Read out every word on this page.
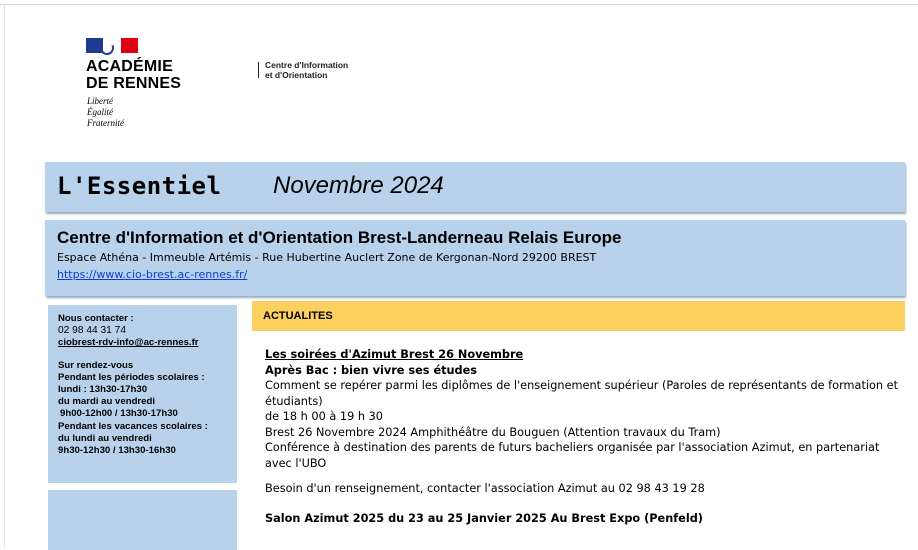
ACADÉMIE
DE RENNES
Liberté
Égalité
Fraternité
Centre d'Information
et d'Orientation
L'Essentiel Novembre 2024
Centre d'Information et d'Orientation Brest-Landerneau Relais Europe
Espace Athéna - Immeuble Artémis - Rue Hubertine Auclert Zone de Kergonan-Nord 29200 BREST
https://www.cio-brest.ac-rennes.fr/
Nous contacter :
02 98 44 31 74
ciobrest-rdv-info@ac-rennes.fr
Sur rendez-vous
Pendant les périodes scolaires :
lundi : 13h30-17h30
du mardi au vendredi
9h00-12h00 / 13h30-17h30
Pendant les vacances scolaires :
du lundi au vendredi
9h30-12h30 / 13h30-16h30
ACTUALITES
Les soirées d'Azimut Brest 26 Novembre
Après Bac : bien vivre ses études
Comment se repérer parmi les diplômes de l'enseignement supérieur (Paroles de représentants de formation et étudiants)
de 18 h 00 à 19 h 30
Brest 26 Novembre 2024 Amphithéâtre du Bouguen (Attention travaux du Tram)
Conférence à destination des parents de futurs bacheliers organisée par l'association Azimut, en partenariat avec l'UBO
Besoin d'un renseignement, contacter l'association Azimut au 02 98 43 19 28
Salon Azimut 2025 du 23 au 25 Janvier 2025 Au Brest Expo (Penfeld)
